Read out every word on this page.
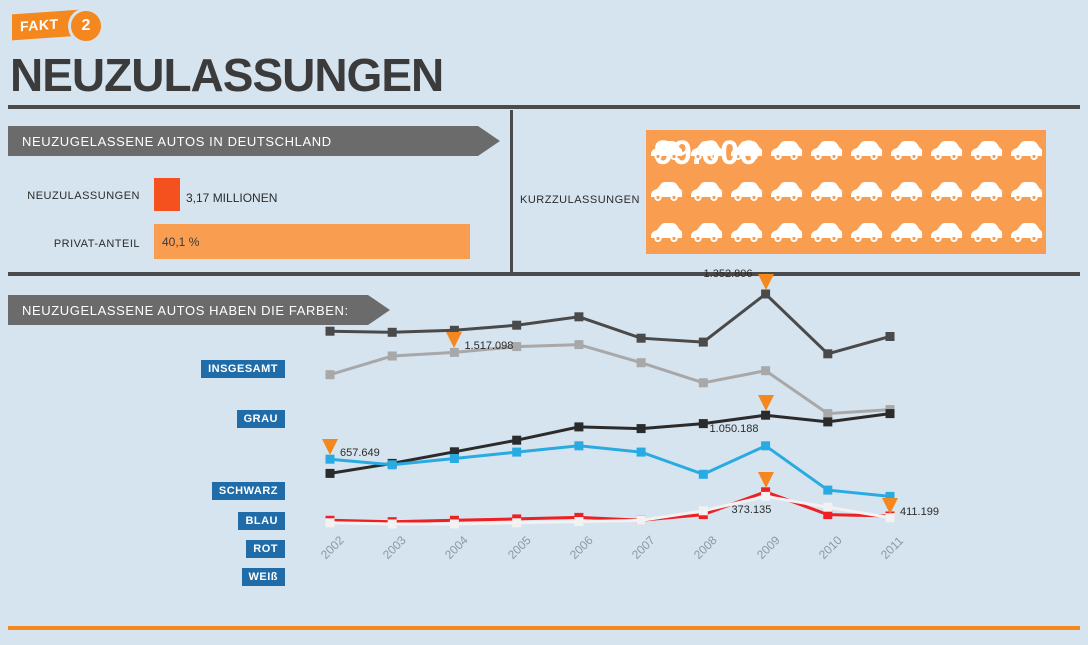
FAKT	2
NEUZULASSUNGEN
NEUZUGELASSENE AUTOS IN DEUTSCHLAND
NEUZULASSUNGEN	3,17 MILLIONEN
PRIVAT-ANTEIL 40,1 %
KURZZULASSUNGEN
99.000
NEUZUGELASSENE AUTOS HABEN DIE FARBEN:
INSGESAMT
GRAU
SCHWARZ
BLAU
ROT
WEIß
2002	2003	2004	2005	2006	2007	2008	2009	2010	2011
1.352.806
1.517.098
1.050.188
657.649
373.135	411.199
